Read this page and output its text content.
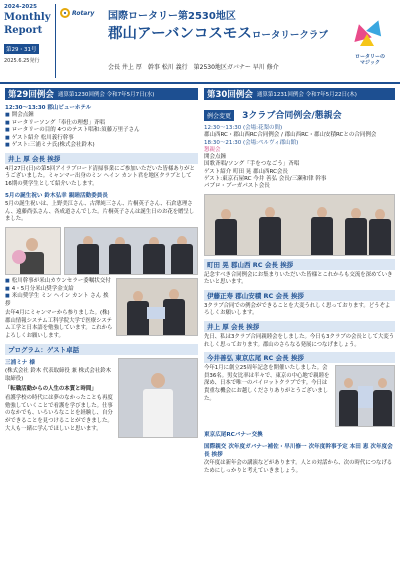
2024-2025
Monthly
Report
第29・31号
2025.6.25発行
Rotary 国際ロータリー第2530地区
郡山アーバンコスモスロータリークラブ
会長 井上 厚　幹事 松川 義行　第2530地区ガバナー 早川 修介
ロータリーの
マジック
第29回例会 通算第1230回例会 令和7年5月7日(水)
12:30〜13:30 郡山ビューホテル
■ 開会点鐘
■ ロータリーソング「奉仕の理想」斉唱
■ ロータリーの目的 4つのテスト唱和:須藤万里子さん
■ ゲスト紹介 松川義行幹事
■ ゲスト:三浦ミナ氏(株式会社鈴木)
井上 厚 会長 挨拶
4月27日(日)の第5回アイラブロード清掃事業にご参加いただいた皆様ありがとうございました。ミャンマー出身のミン ヘイン カント君を地区クラブとして16期の奨学生として紹介いたします。
5月の誕生祝い 鈴木弘幸 親睦活動委員長
5月の誕生祝いは、上野美江さん、古澤純三さん、片桐英子さん、石倉恵理さん、遠藤尚弘さん、各成道さんでした。片桐英子さんは誕生日のお花を贈呈しました。
■ 松川幹事が米山カウンセラー委嘱状交付
■ 4・5月分米山奨学金支給
■ 米山奨学生 ミン ヘイン カント さん 挨拶
去年4月にミャンマーから参りました。(株)郡山情報システム工科学院大学で医療システム工学と日本語を勉強しています。これからよろしくお願いします。
プログラム：ゲスト卓話
三浦ミナ 様
(株式会社 鈴木 代表取締役 兼 株式会社鈴木取締役)
「転職活動からの人生の本質と時間」
看護学校の時代には夢のなかったことも再度勉強していくことで看護を学びました。仕事のなかでも、いろいろなことを経験し、自分ができることを見つけることができました。大人も一緒に学んでほしいと思います。
第30回例会 通算第1231回例会 令和7年5月22日(木)
例会変更 3クラブ合同例会/懇親会
12:30〜13:30 (会場:花梨の間)
郡山西RC・郡山西RC合同例会 / 郡山西RC・郡山安積RCとの合同例会
18:30〜21:30 (会場:ペルヴィ郡山館)
懇親会
開会点鐘
国歌斉唱/ソング「手をつなごう」斉唱
ゲスト紹介 町田 晃 郡山西RC会長
ゲスト:東京石屋RC 今井 善弘 会長/三瀬和律 幹事
パブロ・ブーガパスト会長
町田 晃 郡山西 RC 会長 挨拶
記念すべき合同例会にお集まりいただいた皆様とこれからも交流を深めていきたいと思います。
伊藤正寿 郡山安積 RC 会長 挨拶
3クラブ合同での例会ができることを大変うれしく思っております。どうぞよろしくお願いします。
井上 厚 会長 挨拶
先日、私は3クラブ合同親睦会をしました。今日も3クラブの会長として大変うれしく思っております。郡山のさらなる発展につなげましょう。
今井善弘 東京広尾 RC 会長 挨拶
今年1月に創立25周年記念を開催いたしました。会員36名。男女比率は半々で、東京の中心地で親睦を深め、日本で唯一のパイロットクラブです。今日は貴重な機会にお越しくださりありがとうございました。
東京広尾RCバナー交換
国際親交 次年度ガバナー補佐・早川修一 次年度幹事予定 本田 恵 次年度会長 挨拶
次年度は新年会の講演などがあります。人との対話から、次の時代につなげるためにしっかりと考えていきましょう。
